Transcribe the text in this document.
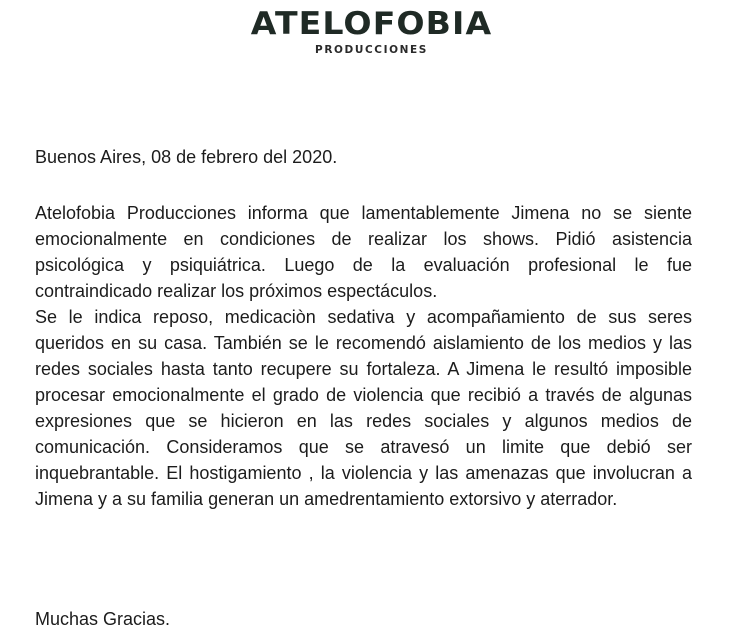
ATELOFOBIA
PRODUCCIONES
Buenos Aires, 08 de febrero del 2020.

Atelofobia Producciones informa que lamentablemente Jimena no se siente emocionalmente en condiciones de realizar los shows. Pidió asistencia psicológica y psiquiátrica. Luego de la evaluación profesional le fue contraindicado realizar los próximos espectáculos.

Se le indica reposo, medicaciòn sedativa y acompañamiento de sus seres queridos en su casa. También se le recomendó aislamiento de los medios y las redes sociales hasta tanto recupere su fortaleza. A Jimena le resultó imposible procesar emocionalmente el grado de violencia que recibió a través de algunas expresiones que se hicieron en las redes sociales y algunos medios de comunicación. Consideramos que se atravesó un limite que debió ser inquebrantable. El hostigamiento , la violencia y las amenazas que involucran a Jimena y a su familia generan un amedrentamiento extorsivo y aterrador.

Muchas Gracias.
